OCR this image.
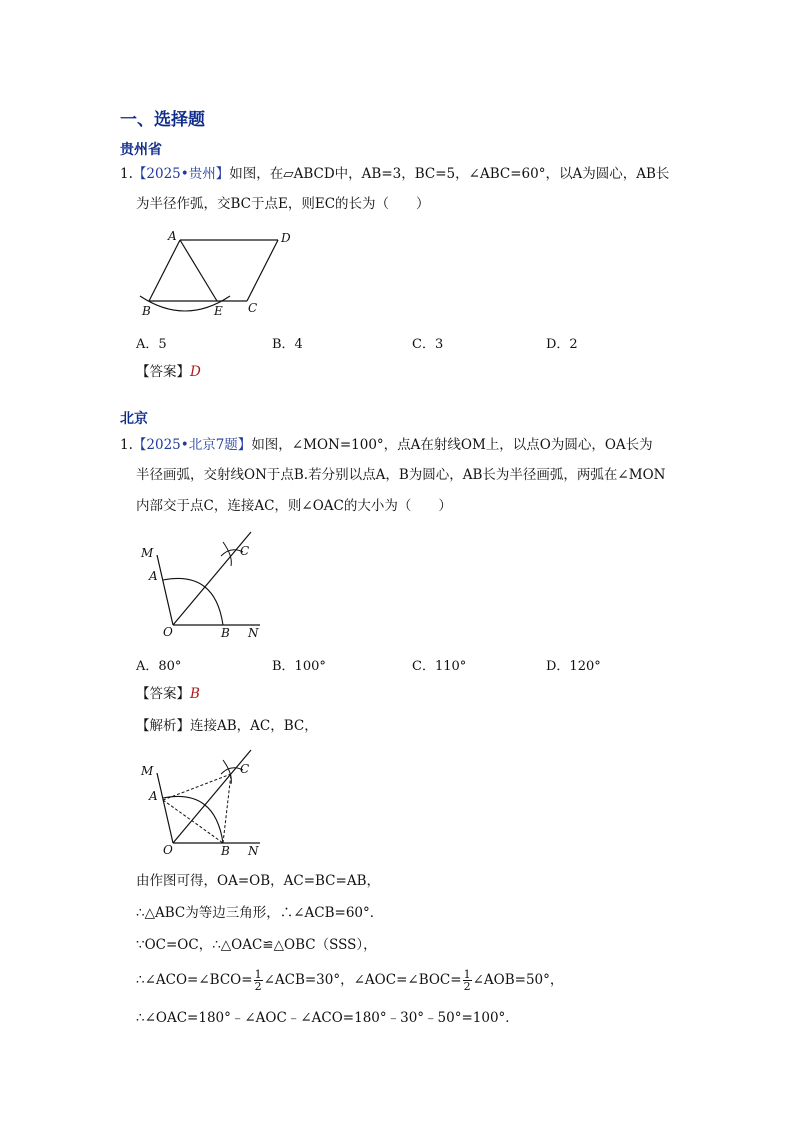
一、选择题
贵州省
1.【2025•贵州】如图，在▱ABCD中，AB=3，BC=5，∠ABC=60°，以A为圆心，AB长
为半径作弧，交BC于点E，则EC的长为（　　）
A	D
B	E C
A．5	B．4	C．3	D．2
【答案】D
北京
1.【2025•北京7题】如图，∠MON=100°，点A在射线OM上，以点O为圆心，OA长为
半径画弧，交射线ON于点B.若分别以点A，B为圆心，AB长为半径画弧，两弧在∠MON
内部交于点C，连接AC，则∠OAC的大小为（　　）
M
A
C
O	B N
A．80°	B．100°	C．110°	D．120°
【答案】B
【解析】连接AB，AC，BC，
M
A
C
O	B N
由作图可得，OA=OB，AC=BC=AB，
∴△ABC为等边三角形，∴∠ACB=60°．
∵OC=OC，∴△OAC≌△OBC（SSS），
∴∠ACO=∠BCO= $\frac{1}{2}$ ∠ACB=30°，∠AOC=∠BOC= $\frac{1}{2}$ ∠AOB=50°，
∴∠OAC=180°﹣∠AOC﹣∠ACO=180°﹣30°﹣50°=100°．
